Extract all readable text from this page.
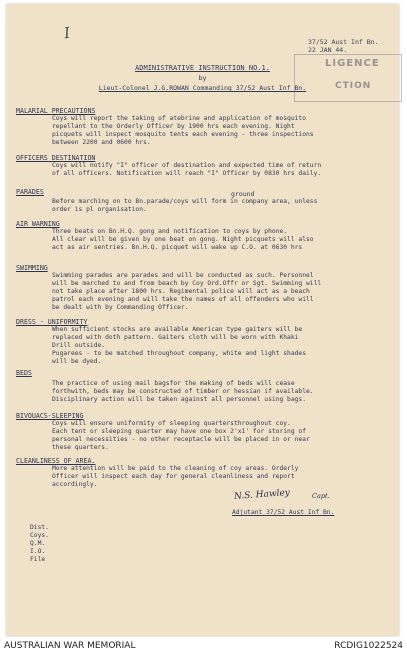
I	37/52 Aust Inf Bn.
22 JAN 44.
LIGENCE
CTION
ADMINISTRATIVE INSTRUCTION NO.1.
by
Lieut-Colonel J.G.ROWAN Commanding 37/52 Aust Inf Bn.
MALARIAL PRECAUTIONS
Coys will report the taking of atebrine and application of mosquito
repellant to the Orderly Officer by 1900 hrs each evening. Night
picquets will inspect mosquito tents each evening - three inspections
between 2200 and 0600 hrs.
OFFICERS DESTINATION
Coys will notify "I" officer of destination and expected time of return
of all officers. Notification will reach "I" Officer by 0830 hrs daily.
ground
PARADES
Before marching on to Bn.parade/coys will form in company area, unless
order is pl organisation.
AIR WARNING
Three beats on Bn.H.Q. gong and notification to coys by phone.
All clear will be given by one beat on gong. Night picquets will also
act as air sentries. Bn.H.Q. picquet will wake up C.O. at 0630 hrs
SWIMMING
Swimming parades are parades and will be conducted as such. Personnel
will be marched to and from beach by Coy Ord.Offr or Sgt. Swimming will
not take place after 1800 hrs. Regimental police will act as a beach
patrol each evening and will take the names of all offenders who will
be dealt with by Commanding Officer.
DRESS - UNIFORMITY
When sufficient stocks are available American type gaiters will be
replaced with doth pattern. Gaiters cloth will be worn with Khaki
Drill outside.
Pugarees - to be matched throughout company, white and light shades
will be dyed.
BEDS
The practice of using mail bagsfor the making of beds will cease
forthwith, beds may be constructed of timber or hessian if available.
Disciplinary action will be taken against all personnel using bags.
BIVOUACS-SLEEPING
Coys will ensure uniformity of sleeping quartersthroughout coy.
Each tent or sleeping quarter may have one box 2'x1' for storing of
personal necessities - no other receptacle will be placed in or near
these quarters.
CLEANLINESS OF AREA.
More attention will be paid to the cleaning of coy areas. Orderly
Officer will inspect each day for general cleanliness and report
accordingly.
N.S. Hawley	Capt.
Adjutant 37/52 Aust Inf Bn.
Dist.
Coys.
Q.M.
I.O.
File
AUSTRALIAN WAR MEMORIAL	RCDIG1022524
